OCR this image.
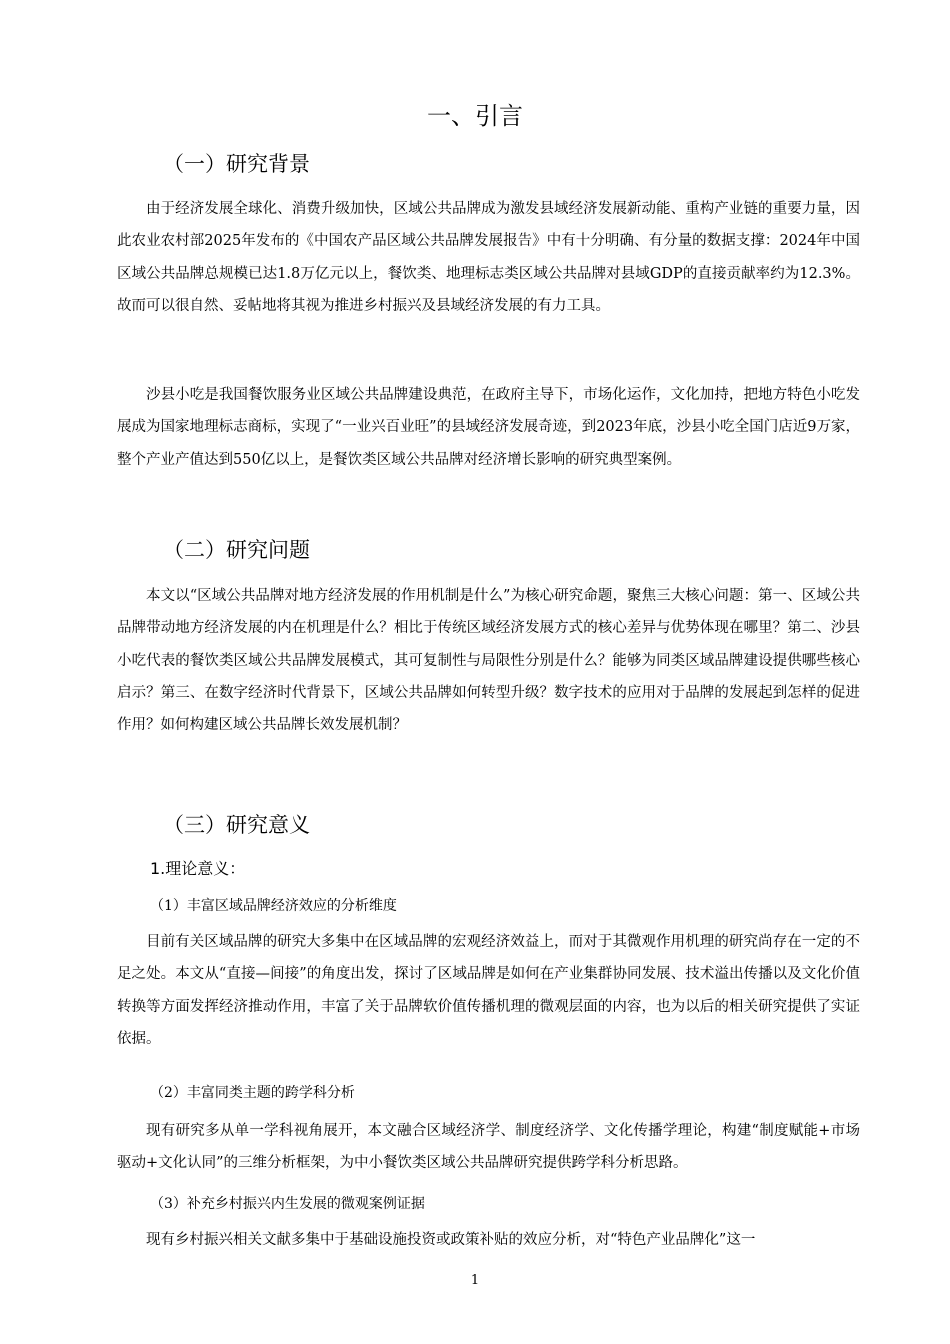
一、引言
（一）研究背景

由于经济发展全球化、消费升级加快，区域公共品牌成为激发县域经济发展新动能、重构产业链的重要力量，因此农业农村部2025年发布的《中国农产品区域公共品牌发展报告》中有十分明确、有分量的数据支撑：2024年中国区域公共品牌总规模已达1.8万亿元以上，餐饮类、地理标志类区域公共品牌对县域GDP的直接贡献率约为12.3%。故而可以很自然、妥帖地将其视为推进乡村振兴及县域经济发展的有力工具。

沙县小吃是我国餐饮服务业区域公共品牌建设典范，在政府主导下，市场化运作，文化加持，把地方特色小吃发展成为国家地理标志商标，实现了“一业兴百业旺”的县域经济发展奇迹，到2023年底，沙县小吃全国门店近9万家，整个产业产值达到550亿以上，是餐饮类区域公共品牌对经济增长影响的研究典型案例。

（二）研究问题

本文以“区域公共品牌对地方经济发展的作用机制是什么”为核心研究命题，聚焦三大核心问题：第一、区域公共品牌带动地方经济发展的内在机理是什么？相比于传统区域经济发展方式的核心差异与优势体现在哪里？第二、沙县小吃代表的餐饮类区域公共品牌发展模式，其可复制性与局限性分别是什么？能够为同类区域品牌建设提供哪些核心启示？第三、在数字经济时代背景下，区域公共品牌如何转型升级？数字技术的应用对于品牌的发展起到怎样的促进作用？如何构建区域公共品牌长效发展机制？

（三）研究意义
1.理论意义：
（1）丰富区域品牌经济效应的分析维度

目前有关区域品牌的研究大多集中在区域品牌的宏观经济效益上，而对于其微观作用机理的研究尚存在一定的不足之处。本文从“直接—间接”的角度出发，探讨了区域品牌是如何在产业集群协同发展、技术溢出传播以及文化价值转换等方面发挥经济推动作用，丰富了关于品牌软价值传播机理的微观层面的内容，也为以后的相关研究提供了实证依据。

（2）丰富同类主题的跨学科分析

现有研究多从单一学科视角展开，本文融合区域经济学、制度经济学、文化传播学理论，构建“制度赋能+市场驱动+文化认同”的三维分析框架，为中小餐饮类区域公共品牌研究提供跨学科分析思路。

（3）补充乡村振兴内生发展的微观案例证据

现有乡村振兴相关文献多集中于基础设施投资或政策补贴的效应分析，对“特色产业品牌化”这一

1
